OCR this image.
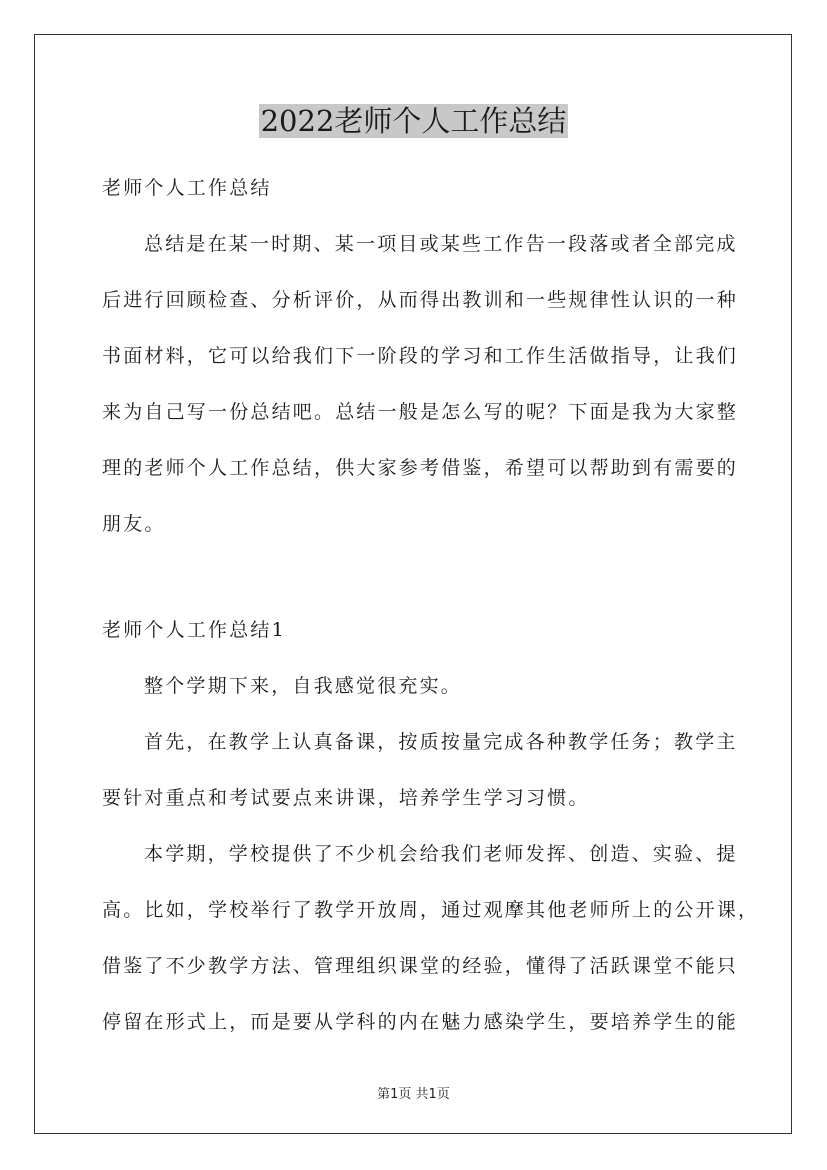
2022老师个人工作总结

老师个人工作总结

总结是在某一时期、某一项目或某些工作告一段落或者全部完成

后进行回顾检查、分析评价，从而得出教训和一些规律性认识的一种

书面材料，它可以给我们下一阶段的学习和工作生活做指导，让我们

来为自己写一份总结吧。总结一般是怎么写的呢？下面是我为大家整

理的老师个人工作总结，供大家参考借鉴，希望可以帮助到有需要的

朋友。

老师个人工作总结1

整个学期下来，自我感觉很充实。

首先，在教学上认真备课，按质按量完成各种教学任务；教学主

要针对重点和考试要点来讲课，培养学生学习习惯。

本学期，学校提供了不少机会给我们老师发挥、创造、实验、提

高。比如，学校举行了教学开放周，通过观摩其他老师所上的公开课，

借鉴了不少教学方法、管理组织课堂的经验，懂得了活跃课堂不能只

停留在形式上，而是要从学科的内在魅力感染学生，要培养学生的能

第1页 共1页
